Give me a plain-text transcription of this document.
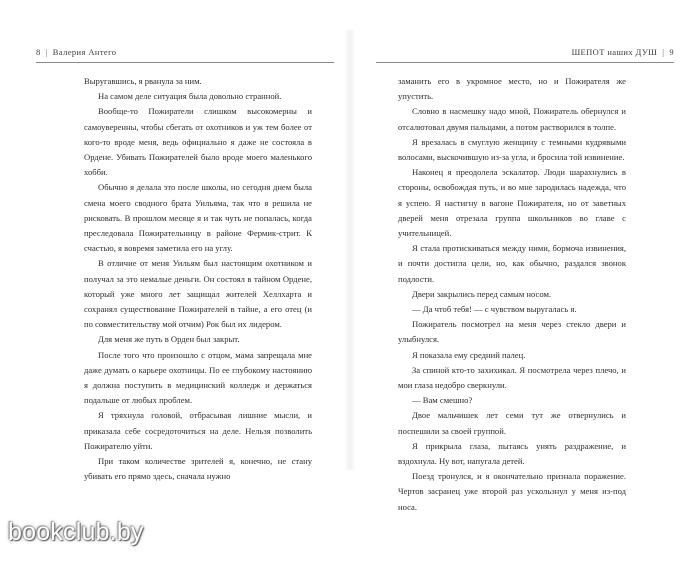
8 | Валерия Антего

Выругавшись, я рванула за ним.

На самом деле ситуация была довольно странной.

Вообще-то Пожиратели слишком высокомерны и самоуверенны, чтобы сбегать от охотников и уж тем более от кого-то вроде меня, ведь официально я даже не состояла в Ордене. Убивать Пожирателей было вроде моего маленького хобби.

Обычно я делала это после школы, но сегодня днем была смена моего сводного брата Уильяма, так что я решила не рисковать. В прошлом месяце я и так чуть не попалась, когда преследовала Пожирательницу в районе Фермик-стрит. К счастью, я вовремя заметила его на углу.

В отличие от меня Уильям был настоящим охотником и получал за это немалые деньги. Он состоял в тайном Ордене, который уже много лет защищал жителей Хеллхарта и сохранял существование Пожирателей в тайне, а его отец (и по совместительству мой отчим) Рок был их лидером.

Для меня же путь в Орден был закрыт.

После того что произошло с отцом, мама запрещала мне даже думать о карьере охотницы. По ее глубокому настоянию я должна поступить в медицинский колледж и держаться подальше от любых проблем.

Я тряхнула головой, отбрасывая лишние мысли, и приказала себе сосредоточиться на деле. Нельзя позволить Пожирателю уйти.

При таком количестве зрителей я, конечно, не стану убивать его прямо здесь, сначала нужно

ШЕПОТ наших ДУШ | 9

заманить его в укромное место, но и Пожирателя же упустить.

Словно в насмешку надо мной, Пожиратель обернулся и отсалютовал двумя пальцами, а потом растворился в толпе.

Я врезалась в смуглую женщину с темными кудрявыми волосами, выскочившую из-за угла, и бросила той извинение.

Наконец я преодолела эскалатор. Люди шарахнулись в стороны, освобождая путь, и во мне зародилась надежда, что я успею. Я настигну в вагоне Пожирателя, но от заветных дверей меня отрезала группа школьников во главе с учительницей.

Я стала протискиваться между ними, бормоча извинения, и почти достигла цели, но, как обычно, раздался звонок подлости.

Двери закрылись перед самым носом.

— Да чтоб тебя! — с чувством выругалась я.

Пожиратель посмотрел на меня через стекло двери и улыбнулся.

Я показала ему средний палец.

За спиной кто-то захихикал. Я посмотрела через плечо, и мои глаза недобро сверкнули.

— Вам смешно?

Двое мальчишек лет семи тут же отвернулись и поспешили за своей группой.

Я прикрыла глаза, пытаясь унять раздражение, и вздохнула. Ну вот, напугала детей.

Поезд тронулся, и я окончательно признала поражение. Чертов засранец уже второй раз ускользнул у меня из-под носа.

bookclub.by
